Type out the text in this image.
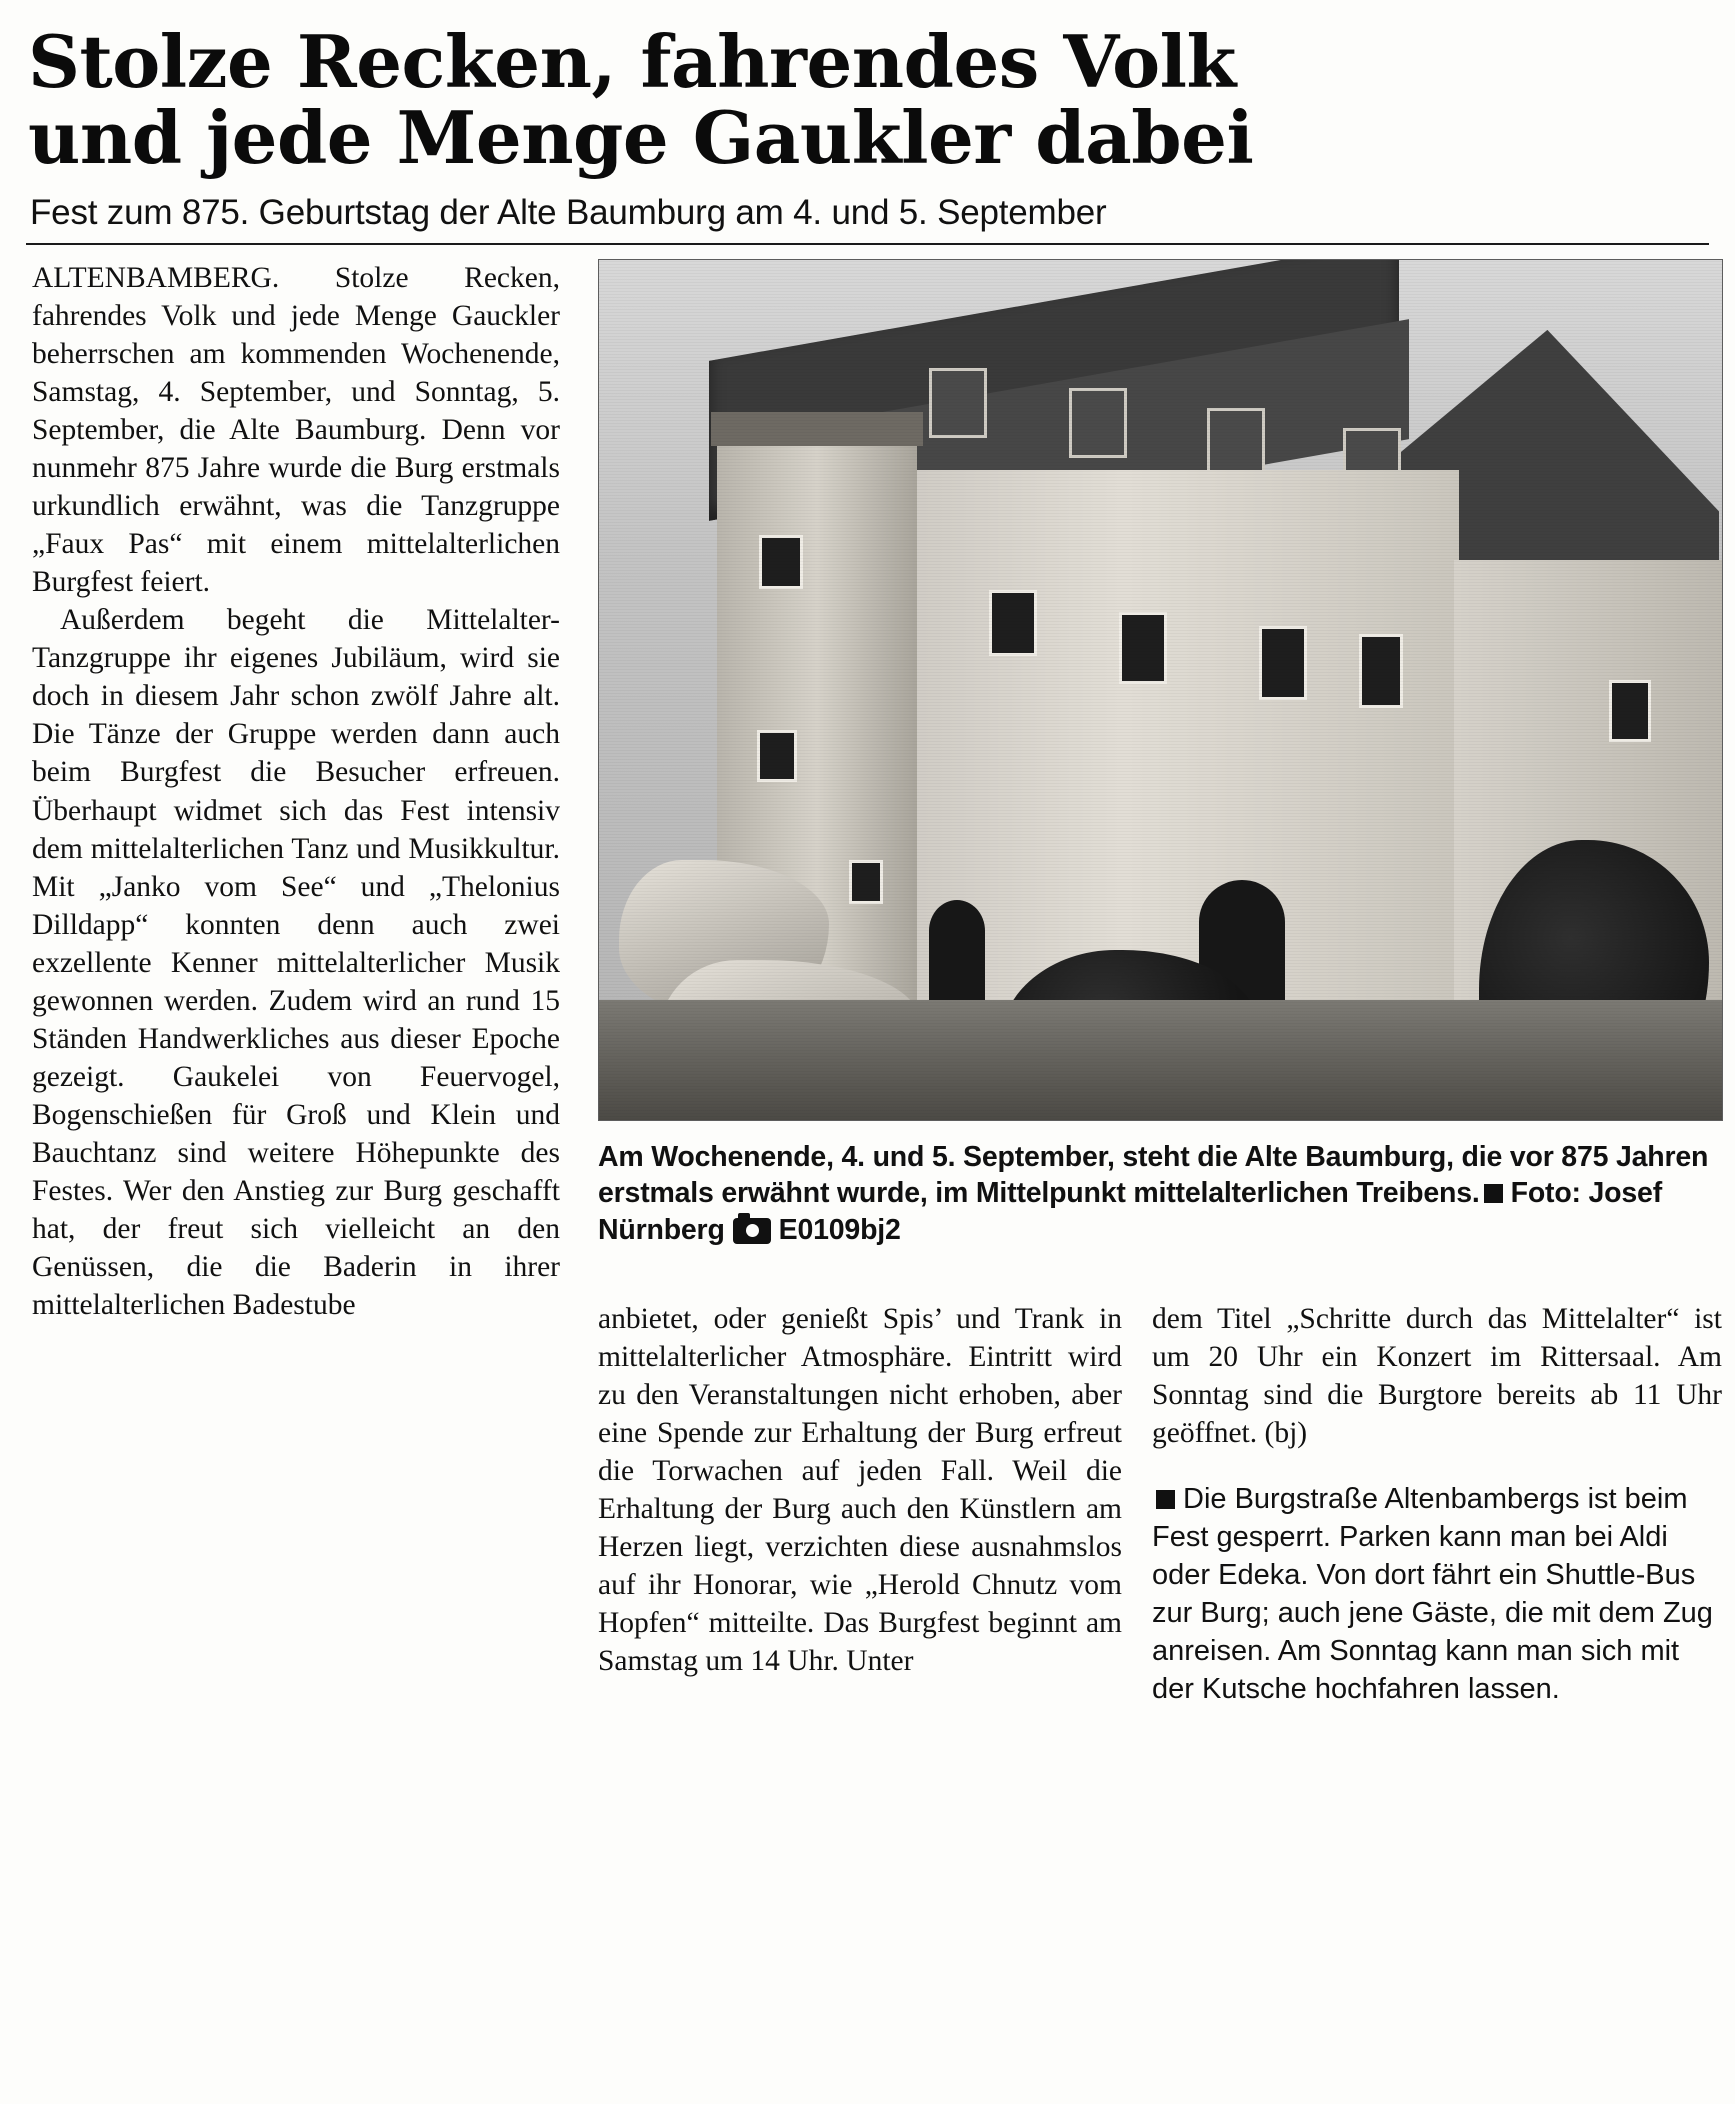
Stolze Recken, fahrendes Volk
und jede Menge Gaukler dabei
Fest zum 875. Geburtstag der Alte Baumburg am 4. und 5. September

ALTENBAMBERG. Stolze Recken, fahrendes Volk und jede Menge Gauckler beherrschen am kommenden Wochenende, Samstag, 4. September, und Sonntag, 5. September, die Alte Baumburg. Denn vor nunmehr 875 Jahre wurde die Burg erstmals urkundlich erwähnt, was die Tanzgruppe „Faux Pas“ mit einem mittelalterlichen Burgfest feiert.

Außerdem begeht die Mittelalter-Tanzgruppe ihr eigenes Jubiläum, wird sie doch in diesem Jahr schon zwölf Jahre alt. Die Tänze der Gruppe werden dann auch beim Burgfest die Besucher erfreuen. Überhaupt widmet sich das Fest intensiv dem mittelalterlichen Tanz und Musikkultur. Mit „Janko vom See“ und „Thelonius Dilldapp“ konnten denn auch zwei exzellente Kenner mittelalterlicher Musik gewonnen werden. Zudem wird an rund 15 Ständen Handwerkliches aus dieser Epoche gezeigt. Gaukelei von Feuervogel, Bogenschießen für Groß und Klein und Bauchtanz sind weitere Höhepunkte des Festes. Wer den Anstieg zur Burg geschafft hat, der freut sich vielleicht an den Genüssen, die die Baderin in ihrer mittelalterlichen Badestube

Am Wochenende, 4. und 5. September, steht die Alte Baumburg, die vor 875 Jahren erstmals erwähnt wurde, im Mittelpunkt mittelalterlichen Treibens. Foto: Josef Nürnberg E0109bj2

anbietet, oder genießt Spis’ und Trank in mittelalterlicher Atmosphäre. Eintritt wird zu den Veranstaltungen nicht erhoben, aber eine Spende zur Erhaltung der Burg erfreut die Torwachen auf jeden Fall. Weil die Erhaltung der Burg auch den Künstlern am Herzen liegt, verzichten diese ausnahmslos auf ihr Honorar, wie „Herold Chnutz vom Hopfen“ mitteilte. Das Burgfest beginnt am Samstag um 14 Uhr. Unter

dem Titel „Schritte durch das Mittelalter“ ist um 20 Uhr ein Konzert im Rittersaal. Am Sonntag sind die Burgtore bereits ab 11 Uhr geöffnet. (bj)

Die Burgstraße Altenbambergs ist beim Fest gesperrt. Parken kann man bei Aldi oder Edeka. Von dort fährt ein Shuttle-Bus zur Burg; auch jene Gäste, die mit dem Zug anreisen. Am Sonntag kann man sich mit der Kutsche hochfahren lassen.
